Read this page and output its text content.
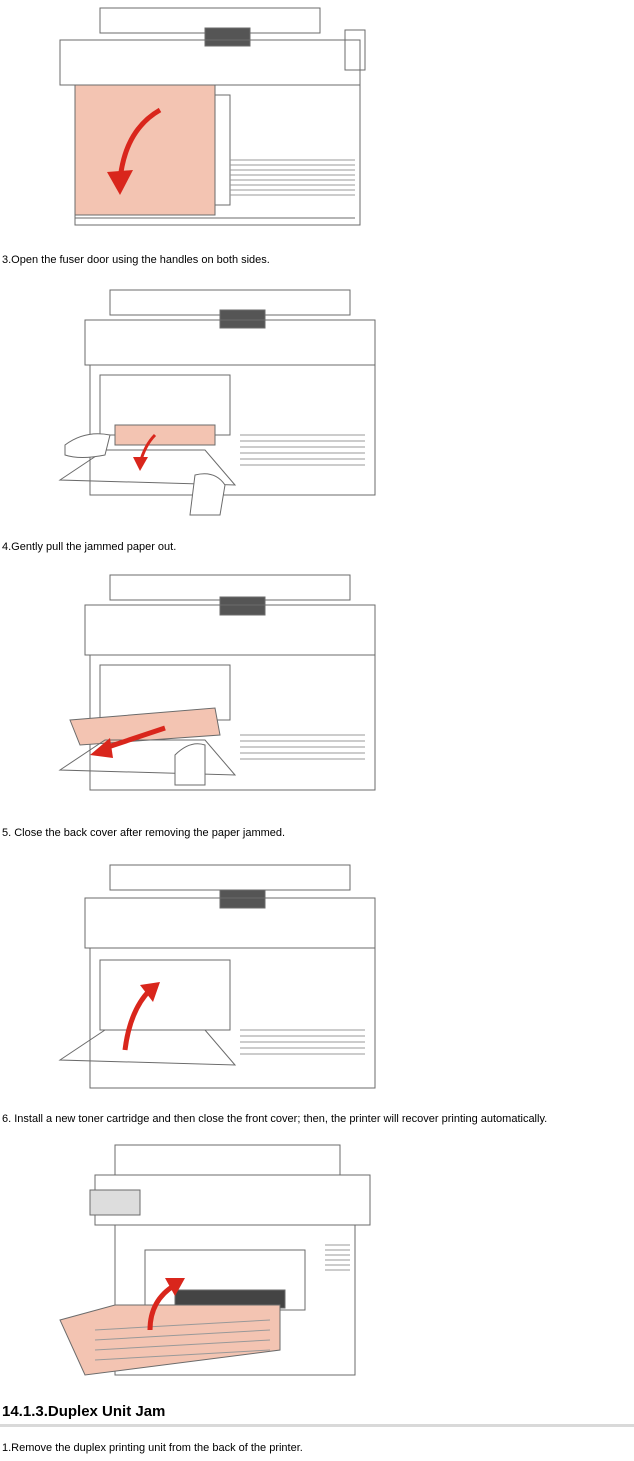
3.Open the fuser door using the handles on both sides.
4.Gently pull the jammed paper out.
5. Close the back cover after removing the paper jammed.
6. Install a new toner cartridge and then close the front cover; then, the printer will recover printing automatically.
14.1.3.Duplex Unit Jam
1.Remove the duplex printing unit from the back of the printer.
